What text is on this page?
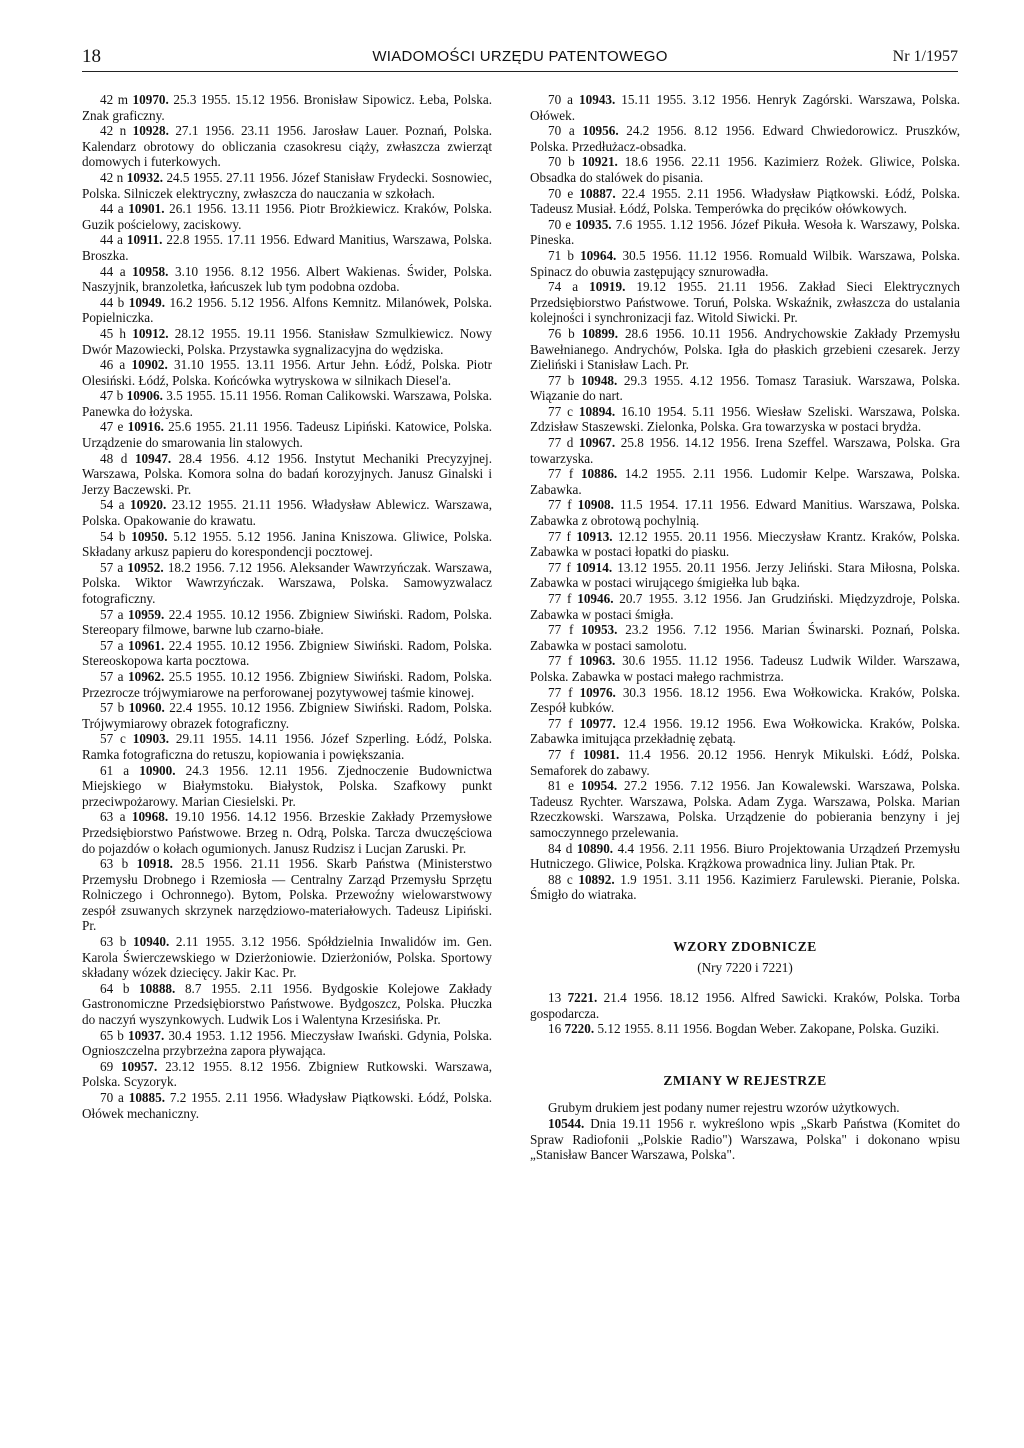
18	WIADOMOŚCI URZĘDU PATENTOWEGO	Nr 1/1957

42 m 10970. 25.3 1955. 15.12 1956. Bronisław Sipowicz. Łeba, Polska. Znak graficzny.

42 n 10928. 27.1 1956. 23.11 1956. Jarosław Lauer. Poznań, Polska. Kalendarz obrotowy do obliczania czasokresu ciąży, zwłaszcza zwierząt domowych i futerkowych.

42 n 10932. 24.5 1955. 27.11 1956. Józef Stanisław Frydecki. Sosnowiec, Polska. Silniczek elektryczny, zwłaszcza do nauczania w szkołach.

44 a 10901. 26.1 1956. 13.11 1956. Piotr Brożkiewicz. Kraków, Polska. Guzik pościelowy, zaciskowy.

44 a 10911. 22.8 1955. 17.11 1956. Edward Manitius, Warszawa, Polska. Broszka.

44 a 10958. 3.10 1956. 8.12 1956. Albert Wakienas. Świder, Polska. Naszyjnik, branzoletka, łańcuszek lub tym podobna ozdoba.

44 b 10949. 16.2 1956. 5.12 1956. Alfons Kemnitz. Milanówek, Polska. Popielniczka.

45 h 10912. 28.12 1955. 19.11 1956. Stanisław Szmulkiewicz. Nowy Dwór Mazowiecki, Polska. Przystawka sygnalizacyjna do wędziska.

46 a 10902. 31.10 1955. 13.11 1956. Artur Jehn. Łódź, Polska. Piotr Olesiński. Łódź, Polska. Końcówka wytryskowa w silnikach Diesel'a.

47 b 10906. 3.5 1955. 15.11 1956. Roman Calikowski. Warszawa, Polska. Panewka do łożyska.

47 e 10916. 25.6 1955. 21.11 1956. Tadeusz Lipiński. Katowice, Polska. Urządzenie do smarowania lin stalowych.

48 d 10947. 28.4 1956. 4.12 1956. Instytut Mechaniki Precyzyjnej. Warszawa, Polska. Komora solna do badań korozyjnych. Janusz Ginalski i Jerzy Baczewski. Pr.

54 a 10920. 23.12 1955. 21.11 1956. Władysław Ablewicz. Warszawa, Polska. Opakowanie do krawatu.

54 b 10950. 5.12 1955. 5.12 1956. Janina Kniszowa. Gliwice, Polska. Składany arkusz papieru do korespondencji pocztowej.

57 a 10952. 18.2 1956. 7.12 1956. Aleksander Wawrzyńczak. Warszawa, Polska. Wiktor Wawrzyńczak. Warszawa, Polska. Samowyzwalacz fotograficzny.

57 a 10959. 22.4 1955. 10.12 1956. Zbigniew Siwiński. Radom, Polska. Stereopary filmowe, barwne lub czarno-białe.

57 a 10961. 22.4 1955. 10.12 1956. Zbigniew Siwiński. Radom, Polska. Stereoskopowa karta pocztowa.

57 a 10962. 25.5 1955. 10.12 1956. Zbigniew Siwiński. Radom, Polska. Przezrocze trójwymiarowe na perforowanej pozytywowej taśmie kinowej.

57 b 10960. 22.4 1955. 10.12 1956. Zbigniew Siwiński. Radom, Polska. Trójwymiarowy obrazek fotograficzny.

57 c 10903. 29.11 1955. 14.11 1956. Józef Szperling. Łódź, Polska. Ramka fotograficzna do retuszu, kopiowania i powiększania.

61 a 10900. 24.3 1956. 12.11 1956. Zjednoczenie Budownictwa Miejskiego w Białymstoku. Białystok, Polska. Szafkowy punkt przeciwpożarowy. Marian Ciesielski. Pr.

63 a 10968. 19.10 1956. 14.12 1956. Brzeskie Zakłady Przemysłowe Przedsiębiorstwo Państwowe. Brzeg n. Odrą, Polska. Tarcza dwuczęściowa do pojazdów o kołach ogumionych. Janusz Rudzisz i Lucjan Zaruski. Pr.

63 b 10918. 28.5 1956. 21.11 1956. Skarb Państwa (Ministerstwo Przemysłu Drobnego i Rzemiosła — Centralny Zarząd Przemysłu Sprzętu Rolniczego i Ochronnego). Bytom, Polska. Przewoźny wielowarstwowy zespół zsuwanych skrzynek narzędziowo-materiałowych. Tadeusz Lipiński. Pr.

63 b 10940. 2.11 1955. 3.12 1956. Spółdzielnia Inwalidów im. Gen. Karola Świerczewskiego w Dzierżoniowie. Dzierżoniów, Polska. Sportowy składany wózek dziecięcy. Jakir Kac. Pr.

64 b 10888. 8.7 1955. 2.11 1956. Bydgoskie Kolejowe Zakłady Gastronomiczne Przedsiębiorstwo Państwowe. Bydgoszcz, Polska. Płuczka do naczyń wyszynkowych. Ludwik Los i Walentyna Krzesińska. Pr.

65 b 10937. 30.4 1953. 1.12 1956. Mieczysław Iwański. Gdynia, Polska. Ognioszczelna przybrzeżna zapora pływająca.

69 10957. 23.12 1955. 8.12 1956. Zbigniew Rutkowski. Warszawa, Polska. Scyzoryk.

70 a 10885. 7.2 1955. 2.11 1956. Władysław Piątkowski. Łódź, Polska. Ołówek mechaniczny.

70 a 10943. 15.11 1955. 3.12 1956. Henryk Zagórski. Warszawa, Polska. Ołówek.

70 a 10956. 24.2 1956. 8.12 1956. Edward Chwiedorowicz. Pruszków, Polska. Przedłużacz-obsadka.

70 b 10921. 18.6 1956. 22.11 1956. Kazimierz Rożek. Gliwice, Polska. Obsadka do stalówek do pisania.

70 e 10887. 22.4 1955. 2.11 1956. Władysław Piątkowski. Łódź, Polska. Tadeusz Musiał. Łódź, Polska. Temperówka do pręcików ołówkowych.

70 e 10935. 7.6 1955. 1.12 1956. Józef Pikuła. Wesoła k. Warszawy, Polska. Pineska.

71 b 10964. 30.5 1956. 11.12 1956. Romuald Wilbik. Warszawa, Polska. Spinacz do obuwia zastępujący sznurowadła.

74 a 10919. 19.12 1955. 21.11 1956. Zakład Sieci Elektrycznych Przedsiębiorstwo Państwowe. Toruń, Polska. Wskaźnik, zwłaszcza do ustalania kolejności i synchronizacji faz. Witold Siwicki. Pr.

76 b 10899. 28.6 1956. 10.11 1956. Andrychowskie Zakłady Przemysłu Bawełnianego. Andrychów, Polska. Igła do płaskich grzebieni czesarek. Jerzy Zieliński i Stanisław Lach. Pr.

77 b 10948. 29.3 1955. 4.12 1956. Tomasz Tarasiuk. Warszawa, Polska. Wiązanie do nart.

77 c 10894. 16.10 1954. 5.11 1956. Wiesław Szeliski. Warszawa, Polska. Zdzisław Staszewski. Zielonka, Polska. Gra towarzyska w postaci brydża.

77 d 10967. 25.8 1956. 14.12 1956. Irena Szeffel. Warszawa, Polska. Gra towarzyska.

77 f 10886. 14.2 1955. 2.11 1956. Ludomir Kelpe. Warszawa, Polska. Zabawka.

77 f 10908. 11.5 1954. 17.11 1956. Edward Manitius. Warszawa, Polska. Zabawka z obrotową pochylnią.

77 f 10913. 12.12 1955. 20.11 1956. Mieczysław Krantz. Kraków, Polska. Zabawka w postaci łopatki do piasku.

77 f 10914. 13.12 1955. 20.11 1956. Jerzy Jeliński. Stara Miłosna, Polska. Zabawka w postaci wirującego śmigiełka lub bąka.

77 f 10946. 20.7 1955. 3.12 1956. Jan Grudziński. Międzyzdroje, Polska. Zabawka w postaci śmigła.

77 f 10953. 23.2 1956. 7.12 1956. Marian Świnarski. Poznań, Polska. Zabawka w postaci samolotu.

77 f 10963. 30.6 1955. 11.12 1956. Tadeusz Ludwik Wilder. Warszawa, Polska. Zabawka w postaci małego rachmistrza.

77 f 10976. 30.3 1956. 18.12 1956. Ewa Wołkowicka. Kraków, Polska. Zespół kubków.

77 f 10977. 12.4 1956. 19.12 1956. Ewa Wołkowicka. Kraków, Polska. Zabawka imitująca przekładnię zębatą.

77 f 10981. 11.4 1956. 20.12 1956. Henryk Mikulski. Łódź, Polska. Semaforek do zabawy.

81 e 10954. 27.2 1956. 7.12 1956. Jan Kowalewski. Warszawa, Polska. Tadeusz Rychter. Warszawa, Polska. Adam Zyga. Warszawa, Polska. Marian Rzeczkowski. Warszawa, Polska. Urządzenie do pobierania benzyny i jej samoczynnego przelewania.

84 d 10890. 4.4 1956. 2.11 1956. Biuro Projektowania Urządzeń Przemysłu Hutniczego. Gliwice, Polska. Krążkowa prowadnica liny. Julian Ptak. Pr.

88 c 10892. 1.9 1951. 3.11 1956. Kazimierz Farulewski. Pieranie, Polska. Śmigło do wiatraka.

WZORY ZDOBNICZE

(Nry 7220 i 7221)

13 7221. 21.4 1956. 18.12 1956. Alfred Sawicki. Kraków, Polska. Torba gospodarcza.

16 7220. 5.12 1955. 8.11 1956. Bogdan Weber. Zakopane, Polska. Guziki.

ZMIANY W REJESTRZE

Grubym drukiem jest podany numer rejestru wzorów użytkowych.

10544. Dnia 19.11 1956 r. wykreślono wpis „Skarb Państwa (Komitet do Spraw Radiofonii „Polskie Radio") Warszawa, Polska" i dokonano wpisu „Stanisław Bancer Warszawa, Polska".
